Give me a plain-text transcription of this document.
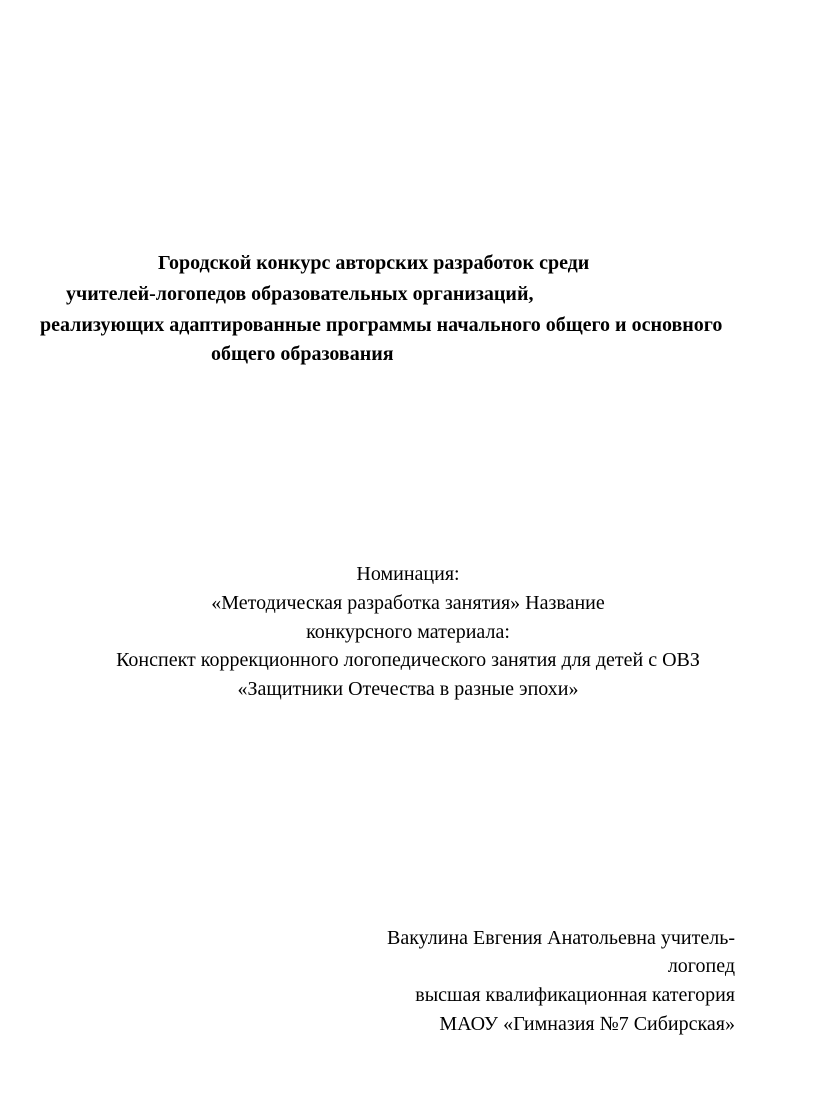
Городской конкурс авторских разработок среди
учителей-логопедов образовательных организаций,
реализующих адаптированные программы начального общего и основного
общего образования
Номинация:
«Методическая разработка занятия» Название
конкурсного материала:
Конспект коррекционного логопедического занятия для детей с ОВЗ
«Защитники Отечества в разные эпохи»
Вакулина Евгения Анатольевна учитель-
логопед
высшая квалификационная категория
МАОУ «Гимназия №7 Сибирская»
